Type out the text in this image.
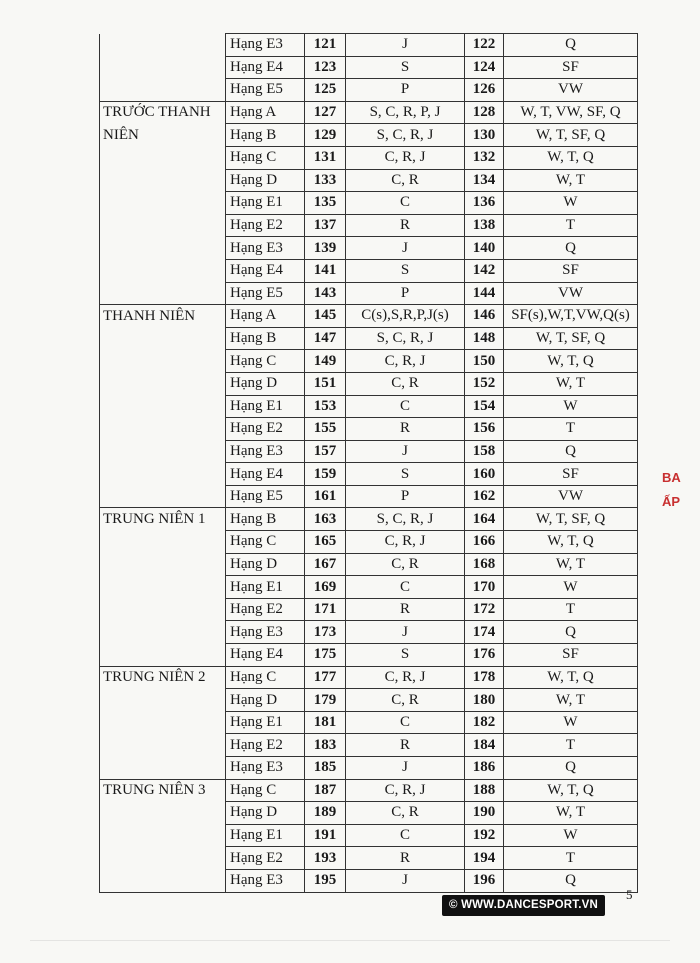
	Hạng E3	121	J	122	Q
	Hạng E4	123	S	124	SF
	Hạng E5	125	P	126	VW
TRƯỚC THANH	Hạng A	127	S, C, R, P, J	128	W, T, VW, SF, Q
NIÊN	Hạng B	129	S, C, R, J	130	W, T, SF, Q
	Hạng C	131	C, R, J	132	W, T, Q
	Hạng D	133	C, R	134	W, T
	Hạng E1	135	C	136	W
	Hạng E2	137	R	138	T
	Hạng E3	139	J	140	Q
	Hạng E4	141	S	142	SF
	Hạng E5	143	P	144	VW
THANH NIÊN	Hạng A	145	C(s),S,R,P,J(s)	146	SF(s),W,T,VW,Q(s)
	Hạng B	147	S, C, R, J	148	W, T, SF, Q
	Hạng C	149	C, R, J	150	W, T, Q
	Hạng D	151	C, R	152	W, T
	Hạng E1	153	C	154	W
	Hạng E2	155	R	156	T
	Hạng E3	157	J	158	Q
	Hạng E4	159	S	160	SF
	Hạng E5	161	P	162	VW
TRUNG NIÊN 1	Hạng B	163	S, C, R, J	164	W, T, SF, Q
	Hạng C	165	C, R, J	166	W, T, Q
	Hạng D	167	C, R	168	W, T
	Hạng E1	169	C	170	W
	Hạng E2	171	R	172	T
	Hạng E3	173	J	174	Q
	Hạng E4	175	S	176	SF
TRUNG NIÊN 2	Hạng C	177	C, R, J	178	W, T, Q
	Hạng D	179	C, R	180	W, T
	Hạng E1	181	C	182	W
	Hạng E2	183	R	184	T
	Hạng E3	185	J	186	Q
TRUNG NIÊN 3	Hạng C	187	C, R, J	188	W, T, Q
	Hạng D	189	C, R	190	W, T
	Hạng E1	191	C	192	W
	Hạng E2	193	R	194	T
	Hạng E3	195	J	196	Q
BA
ẤP
© WWW.DANCESPORT.VN
5
